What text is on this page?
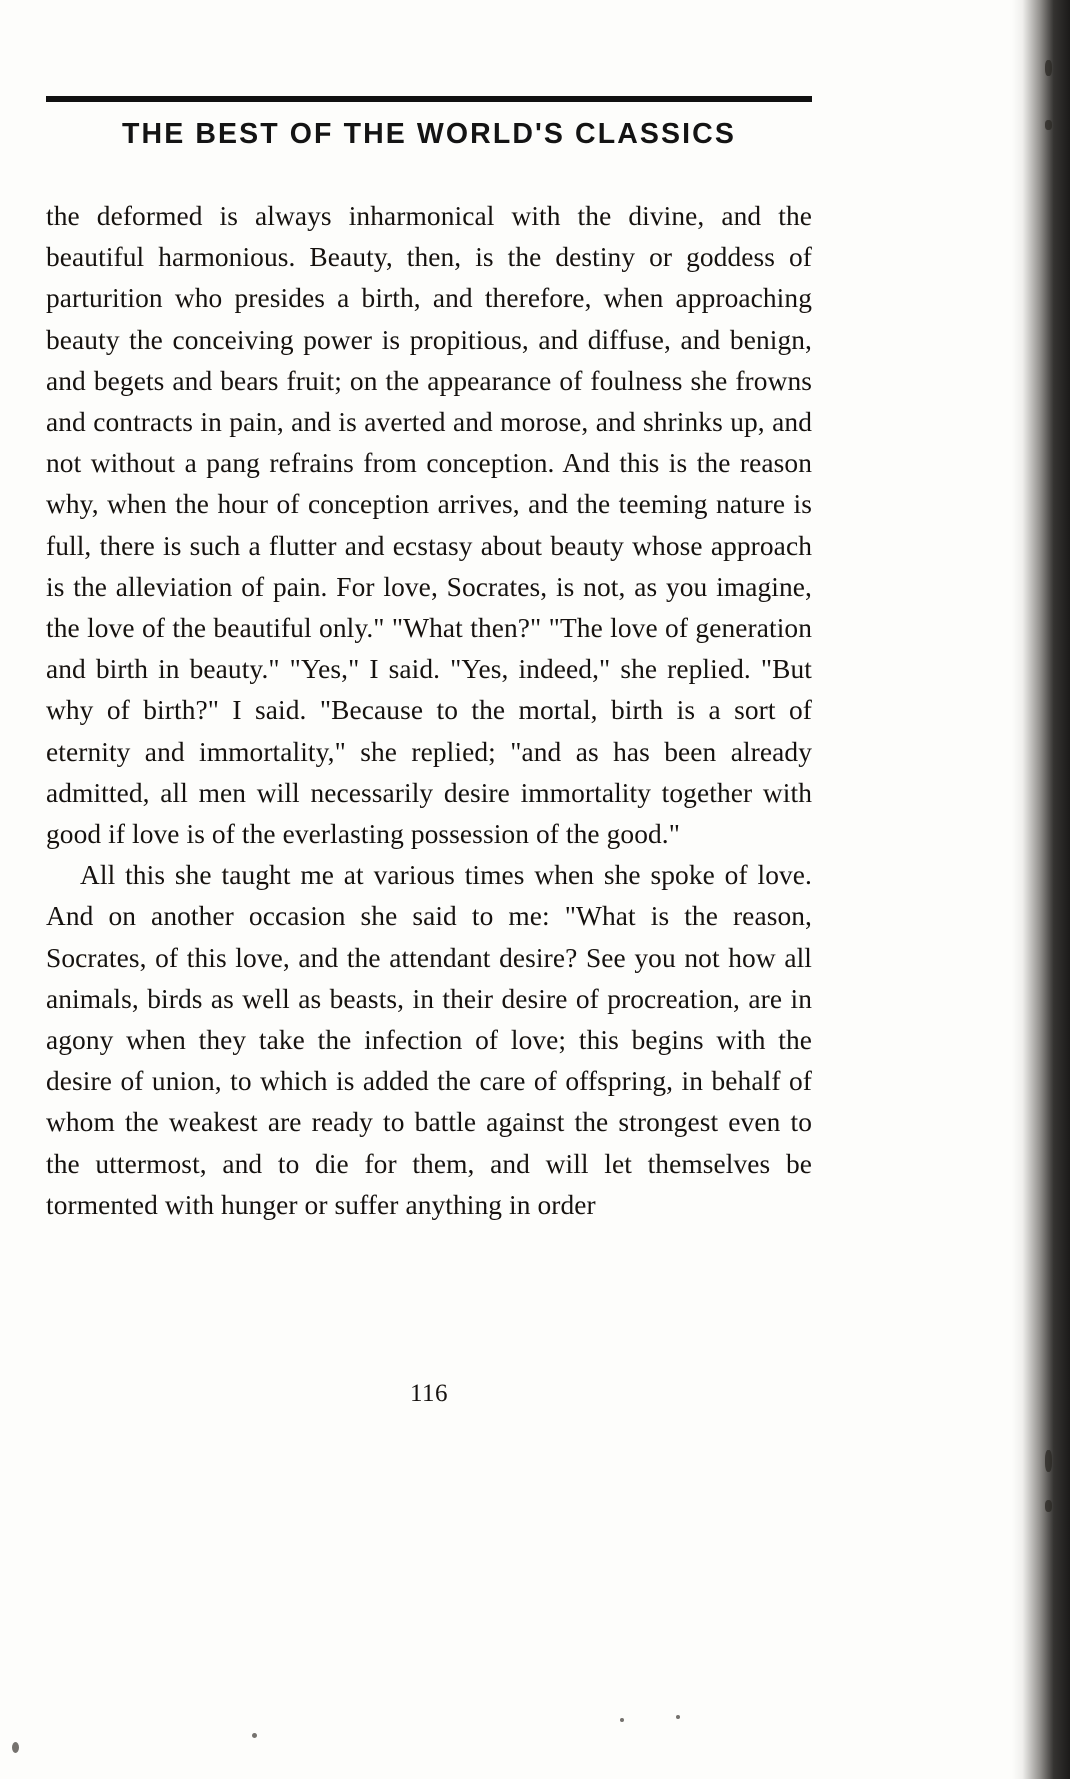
THE BEST OF THE WORLD'S CLASSICS

the deformed is always inharmonical with the divine, and the beautiful harmonious. Beauty, then, is the destiny or goddess of parturition who presides a birth, and therefore, when approaching beauty the conceiving power is propitious, and diffuse, and benign, and begets and bears fruit; on the appearance of foulness she frowns and contracts in pain, and is averted and morose, and shrinks up, and not without a pang refrains from conception. And this is the reason why, when the hour of conception arrives, and the teeming nature is full, there is such a flutter and ecstasy about beauty whose approach is the alleviation of pain. For love, Socrates, is not, as you imagine, the love of the beautiful only." "What then?" "The love of generation and birth in beauty." "Yes," I said. "Yes, indeed," she replied. "But why of birth?" I said. "Because to the mortal, birth is a sort of eternity and immortality," she replied; "and as has been already admitted, all men will necessarily desire immortality together with good if love is of the everlasting possession of the good."

All this she taught me at various times when she spoke of love. And on another occasion she said to me: "What is the reason, Socrates, of this love, and the attendant desire? See you not how all animals, birds as well as beasts, in their desire of procreation, are in agony when they take the infection of love; this begins with the desire of union, to which is added the care of offspring, in behalf of whom the weakest are ready to battle against the strongest even to the uttermost, and to die for them, and will let themselves be tormented with hunger or suffer anything in order

116
